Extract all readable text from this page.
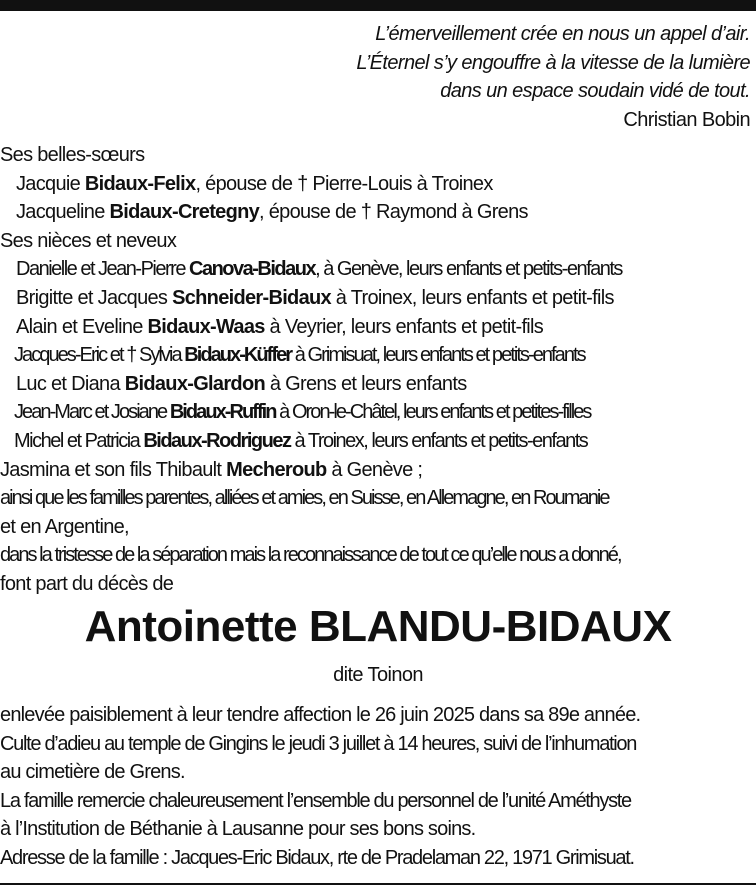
L’émerveillement crée en nous un appel d’air.
L’Éternel s’y engouffre à la vitesse de la lumière
dans un espace soudain vidé de tout.
Christian Bobin
Ses belles-sœurs
Jacquie Bidaux-Felix, épouse de † Pierre-Louis à Troinex
Jacqueline Bidaux-Cretegny, épouse de † Raymond à Grens
Ses nièces et neveux
Danielle et Jean-Pierre Canova-Bidaux, à Genève, leurs enfants et petits-enfants
Brigitte et Jacques Schneider-Bidaux à Troinex, leurs enfants et petit-fils
Alain et Eveline Bidaux-Waas à Veyrier, leurs enfants et petit-fils
Jacques-Eric et † Sylvia Bidaux-Küffer à Grimisuat, leurs enfants et petits-enfants
Luc et Diana Bidaux-Glardon à Grens et leurs enfants
Jean-Marc et Josiane Bidaux-Ruffin à Oron-le-Châtel, leurs enfants et petites-filles
Michel et Patricia Bidaux-Rodriguez à Troinex, leurs enfants et petits-enfants
Jasmina et son fils Thibault Mecheroub à Genève ;
ainsi que les familles parentes, alliées et amies, en Suisse, en Allemagne, en Roumanie
et en Argentine,
dans la tristesse de la séparation mais la reconnaissance de tout ce qu’elle nous a donné,
font part du décès de
Antoinette BLANDU-BIDAUX
dite Toinon
enlevée paisiblement à leur tendre affection le 26 juin 2025 dans sa 89e année.
Culte d’adieu au temple de Gingins le jeudi 3 juillet à 14 heures, suivi de l’inhumation
au cimetière de Grens.
La famille remercie chaleureusement l’ensemble du personnel de l’unité Améthyste
à l’Institution de Béthanie à Lausanne pour ses bons soins.
Adresse de la famille : Jacques-Eric Bidaux, rte de Pradelaman 22, 1971 Grimisuat.
